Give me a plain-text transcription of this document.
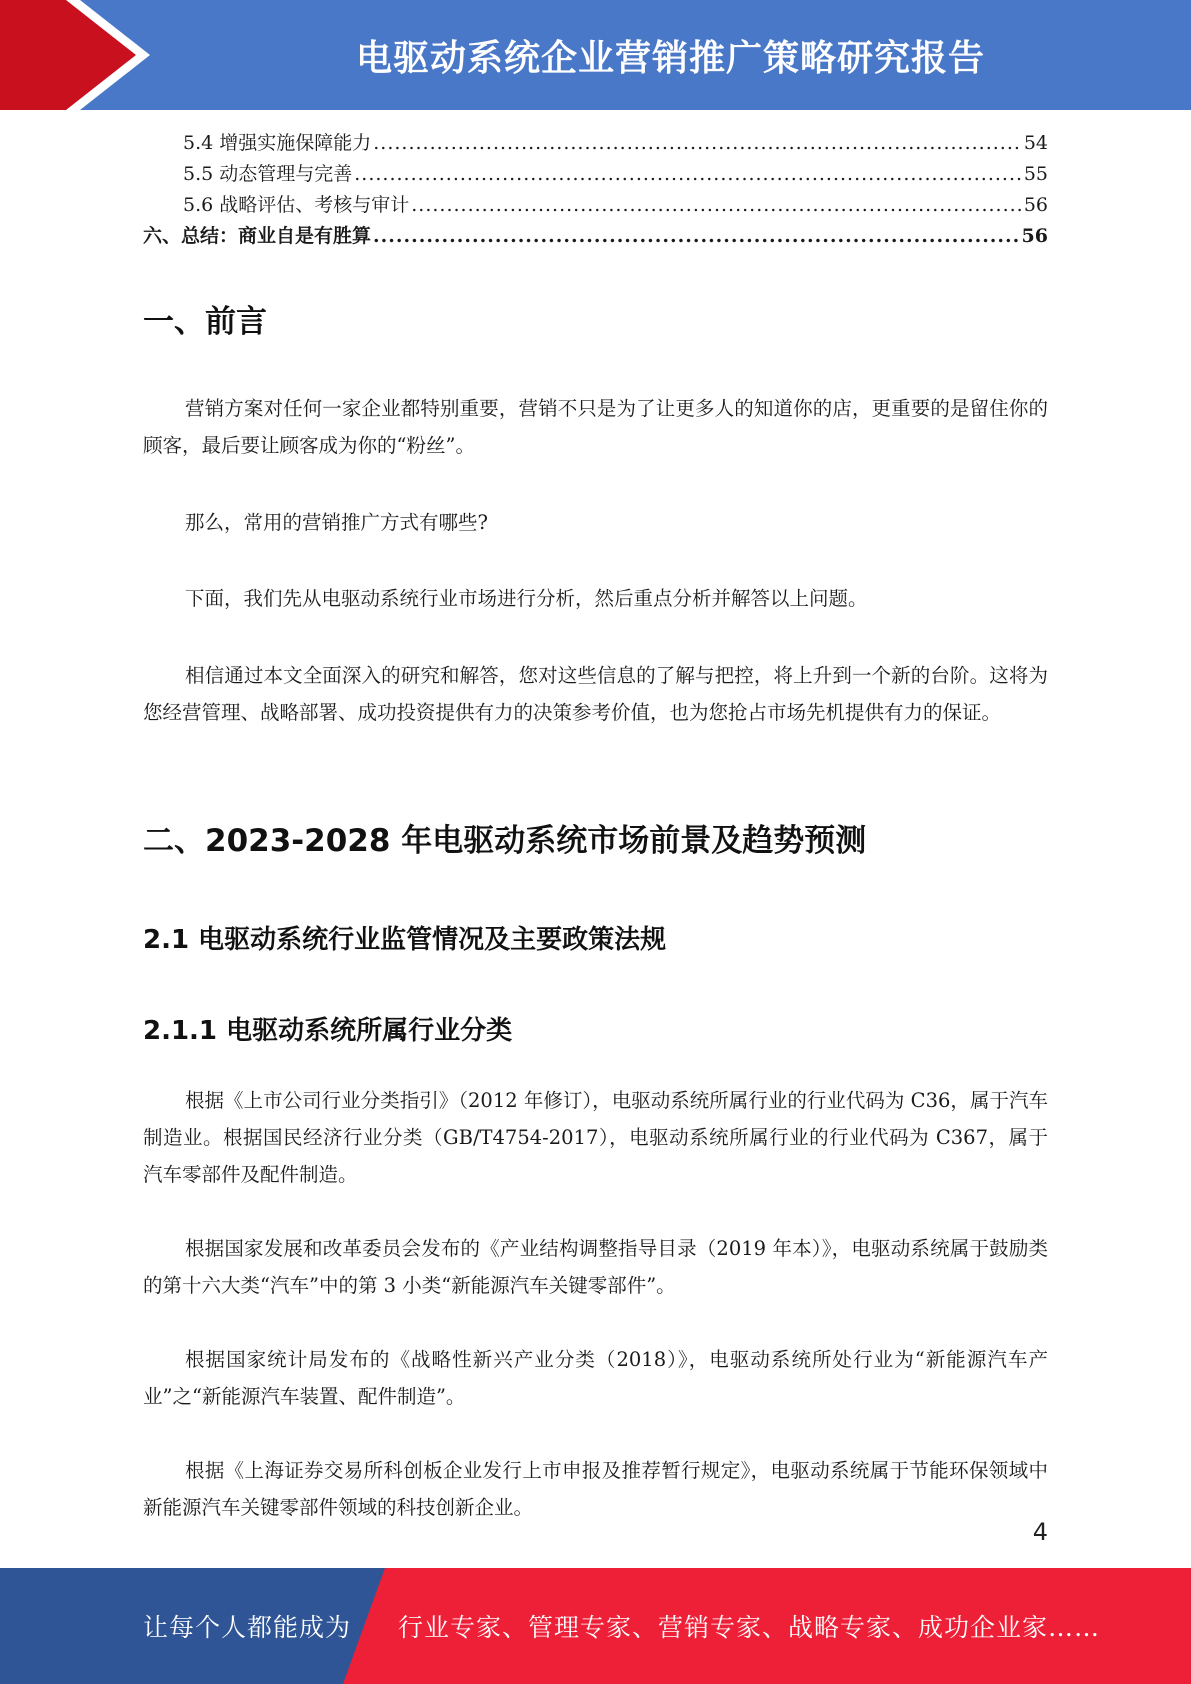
电驱动系统企业营销推广策略研究报告
5.4 增强实施保障能力 .....	54
5.5 动态管理与完善 .....	55
5.6 战略评估、考核与审计 .....	56
六、总结：商业自是有胜算 .....	56
一、前言
营销方案对任何一家企业都特别重要，营销不只是为了让更多人的知道你的店，更重要的是留住你的顾客，最后要让顾客成为你的“粉丝”。
那么，常用的营销推广方式有哪些?
下面，我们先从电驱动系统行业市场进行分析，然后重点分析并解答以上问题。
相信通过本文全面深入的研究和解答，您对这些信息的了解与把控，将上升到一个新的台阶。这将为您经营管理、战略部署、成功投资提供有力的决策参考价值，也为您抢占市场先机提供有力的保证。
二、2023-2028 年电驱动系统市场前景及趋势预测
2.1 电驱动系统行业监管情况及主要政策法规
2.1.1 电驱动系统所属行业分类
根据《上市公司行业分类指引》（2012 年修订），电驱动系统所属行业的行业代码为 C36，属于汽车制造业。根据国民经济行业分类（GB/T4754-2017），电驱动系统所属行业的行业代码为 C367，属于汽车零部件及配件制造。
根据国家发展和改革委员会发布的《产业结构调整指导目录（2019 年本）》，电驱动系统属于鼓励类的第十六大类“汽车”中的第 3 小类“新能源汽车关键零部件”。
根据国家统计局发布的《战略性新兴产业分类（2018）》，电驱动系统所处行业为“新能源汽车产业”之“新能源汽车装置、配件制造”。
根据《上海证券交易所科创板企业发行上市申报及推荐暂行规定》，电驱动系统属于节能环保领域中新能源汽车关键零部件领域的科技创新企业。
4
让每个人都能成为 行业专家、管理专家、营销专家、战略专家、成功企业家……
